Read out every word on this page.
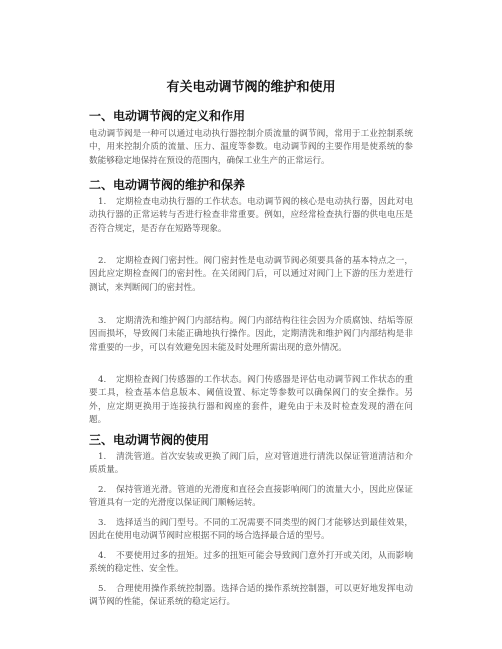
有关电动调节阀的维护和使用
一、电动调节阀的定义和作用

电动调节阀是一种可以通过电动执行器控制介质流量的调节阀，常用于工业控制系统中，用来控制介质的流量、压力、温度等参数。电动调节阀的主要作用是使系统的参数能够稳定地保持在预设的范围内，确保工业生产的正常运行。

二、电动调节阀的维护和保养

1. 定期检查电动执行器的工作状态。电动调节阀的核心是电动执行器，因此对电动执行器的正常运转与否进行检查非常重要。例如，应经常检查执行器的供电电压是否符合规定，是否存在短路等现象。

2. 定期检查阀门密封性。阀门密封性是电动调节阀必须要具备的基本特点之一，因此应定期检查阀门的密封性。在关闭阀门后，可以通过对阀门上下游的压力差进行测试，来判断阀门的密封性。

3. 定期清洗和维护阀门内部结构。阀门内部结构往往会因为介质腐蚀、结垢等原因而损坏，导致阀门未能正确地执行操作。因此，定期清洗和维护阀门内部结构是非常重要的一步，可以有效避免因未能及时处理所需出现的意外情况。

4. 定期检查阀门传感器的工作状态。阀门传感器是评估电动调节阀工作状态的重要工具，检查基本信息版本、阈值设置、标定等参数可以确保阀门的安全操作。另外，应定期更换用于连接执行器和阀座的套件，避免由于未及时检查发现的潜在问题。

三、电动调节阀的使用

1. 清洗管道。首次安装或更换了阀门后，应对管道进行清洗以保证管道清洁和介质质量。

2. 保持管道光滑。管道的光滑度和直径会直接影响阀门的流量大小，因此应保证管道具有一定的光滑度以保证阀门顺畅运转。

3. 选择适当的阀门型号。不同的工况需要不同类型的阀门才能够达到最佳效果，因此在使用电动调节阀时应根据不同的场合选择最合适的型号。

4. 不要使用过多的扭矩。过多的扭矩可能会导致阀门意外打开或关闭，从而影响系统的稳定性、安全性。

5. 合理使用操作系统控制器。选择合适的操作系统控制器，可以更好地发挥电动调节阀的性能，保证系统的稳定运行。
